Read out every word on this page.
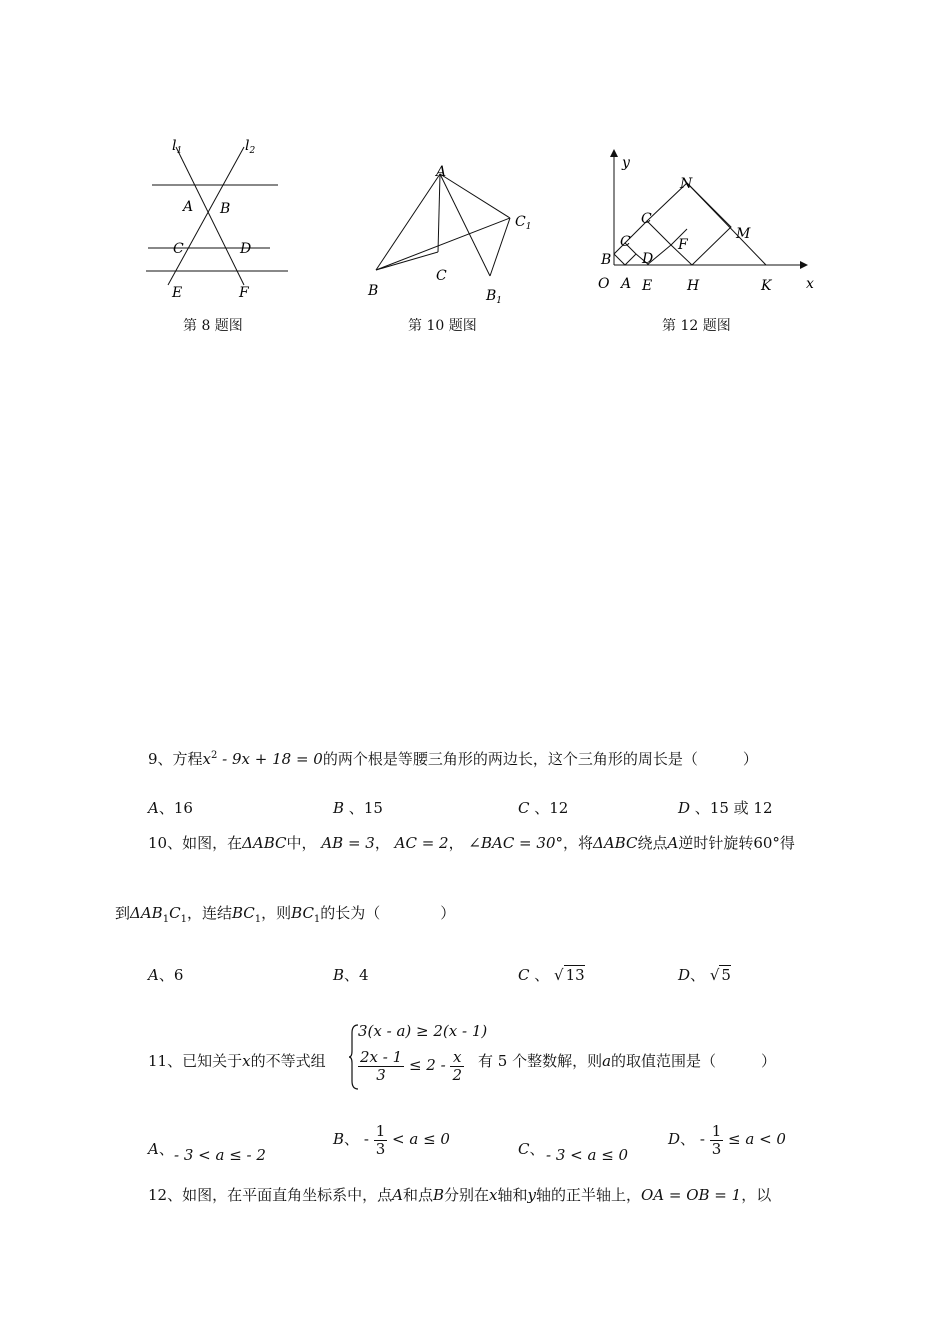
$l_1$	$l_2$
A B
C	D
E	F
第 8 题图
A
B
C
$C_1$
$B_1$
第 10 题图
y
x
O
B
A E H	K
C
D
C
F
N
M
第 12 题图
9、方程$x^2 - 9x + 18 = 0$的两个根是等腰三角形的两边长，这个三角形的周长是（　　　）
A、16	B 、15	C 、12	D 、15 或 12
10、如图，在ΔABC中， AB = 3， AC = 2， ∠BAC = 30°，将ΔABC绕点A逆时针旋转60°得
到$\Delta AB_1C_1$，连结$BC_1$，则$BC_1$的长为（　　　　）
A、6	B、4	C 、 √ 13	D、 √ 5
11、已知关于x的不等式组
3(x - a) ≥ 2(x - 1)
$\frac{2x - 1}{3} \le 2 - \frac{x}{2}$ 有 5 个整数解，则a的取值范围是（　　　）
A、 - 3 < a ≤ - 2
B、 - $\frac{1}{3} < a \le 0$
C、 - 3 < a ≤ 0
D、 - $\frac{1}{3} \le a < 0$
12、如图，在平面直角坐标系中，点A和点B分别在x轴和y轴的正半轴上，OA = OB = 1，以
